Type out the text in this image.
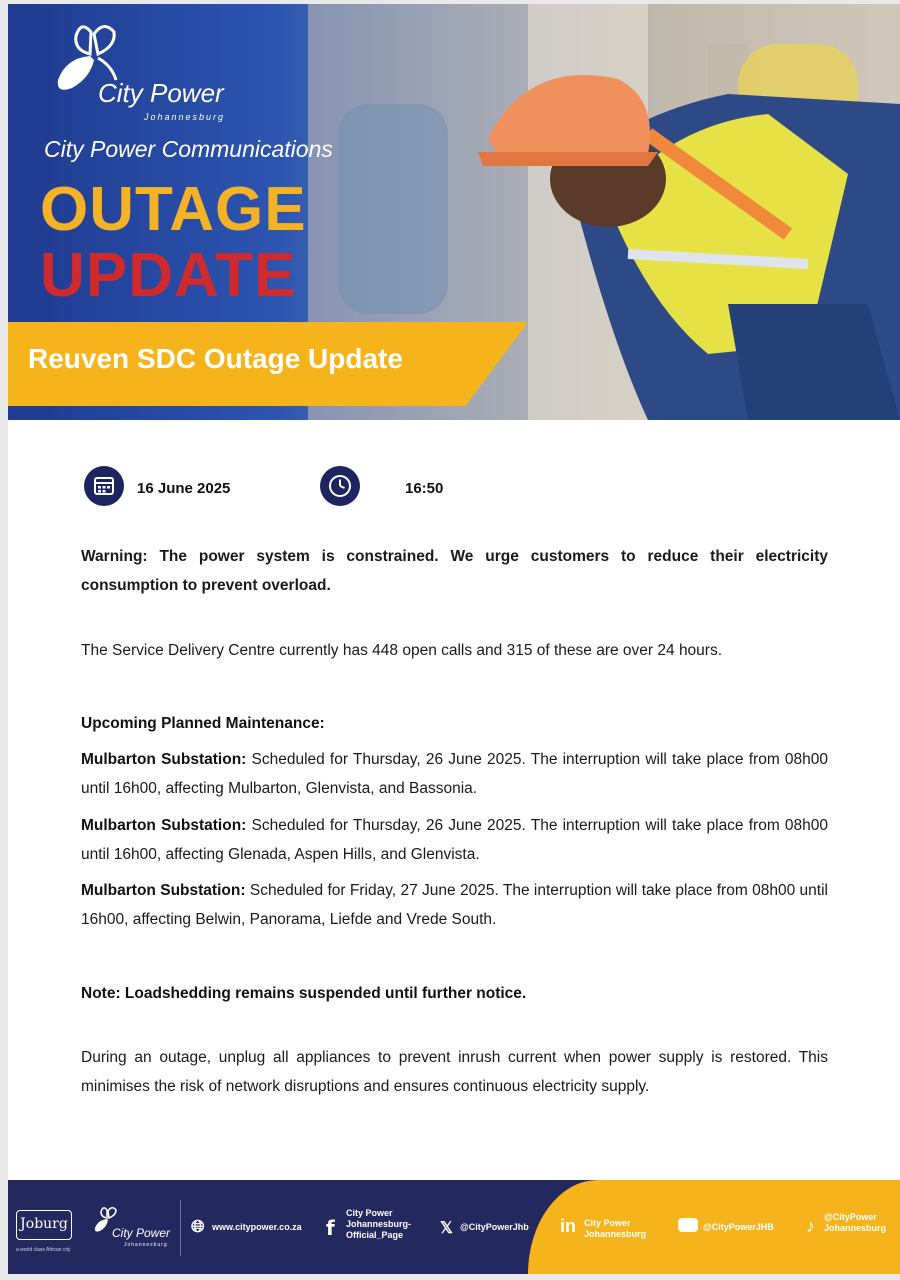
City Power
Johannesburg
City Power Communications
OUTAGE
UPDATE
Reuven SDC Outage Update
16 June 2025	16:50
Warning: The power system is constrained. We urge customers to reduce their electricity consumption to prevent overload.
The Service Delivery Centre currently has 448 open calls and 315 of these are over 24 hours.
Upcoming Planned Maintenance:
Mulbarton Substation: Scheduled for Thursday, 26 June 2025. The interruption will take place from 08h00 until 16h00, affecting Mulbarton, Glenvista, and Bassonia.
Mulbarton Substation: Scheduled for Thursday, 26 June 2025. The interruption will take place from 08h00 until 16h00, affecting Glenada, Aspen Hills, and Glenvista.
Mulbarton Substation: Scheduled for Friday, 27 June 2025. The interruption will take place from 08h00 until 16h00, affecting Belwin, Panorama, Liefde and Vrede South.
Note: Loadshedding remains suspended until further notice.
During an outage, unplug all appliances to prevent inrush current when power supply is restored. This minimises the risk of network disruptions and ensures continuous electricity supply.
Joburg
a world class African city
City Power
Johannesburg
🌐︎ www.citypower.co.za f
City Power Johannesburg-Official_Page	𝕏 @CityPowerJhb in City Power Johannesburg
@CityPowerJHB ♪ @CityPower Johannesburg
